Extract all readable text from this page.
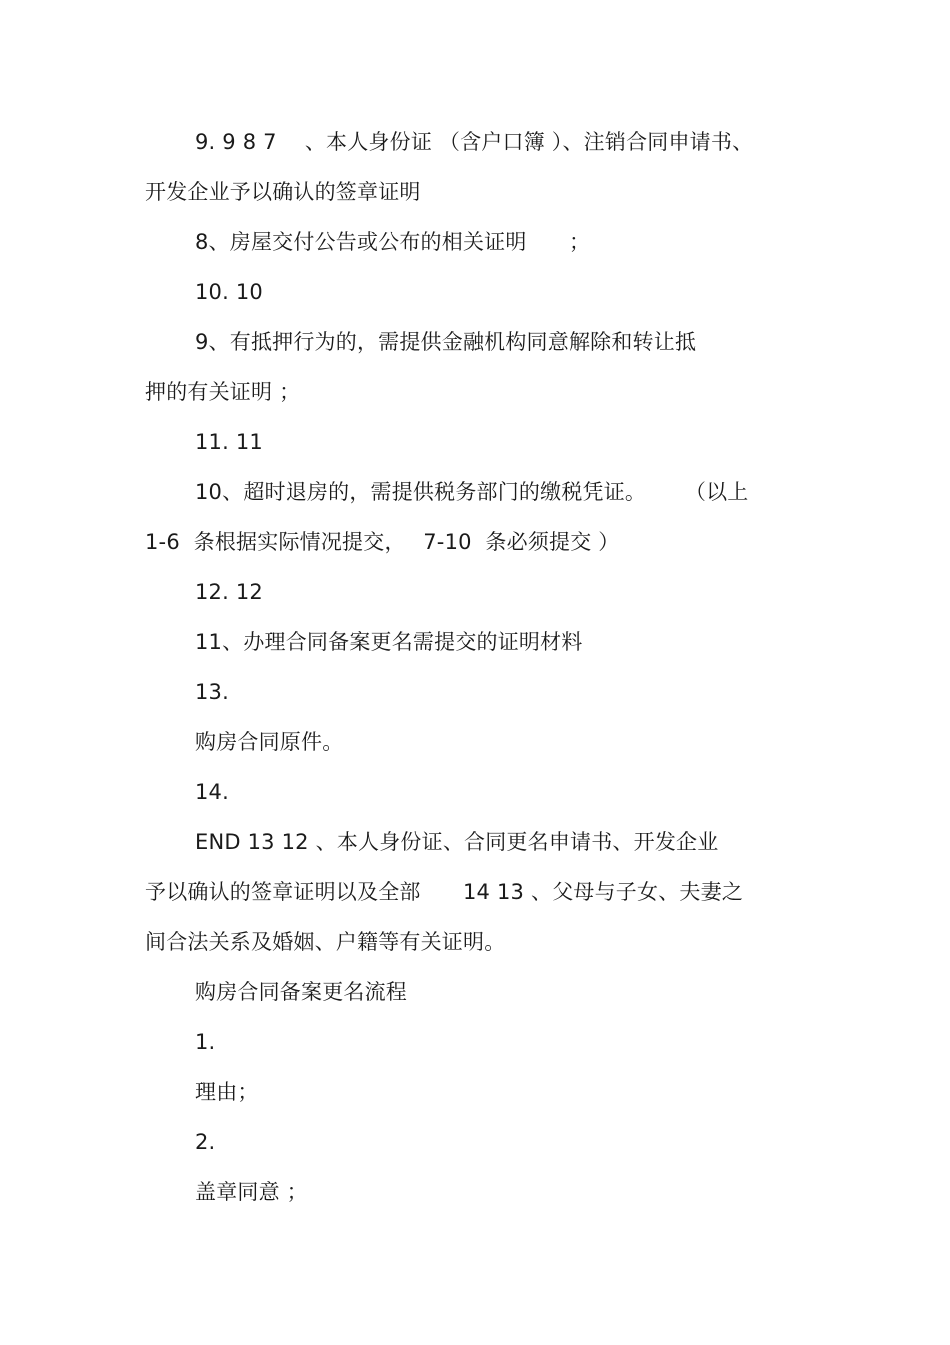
9. 9 8 7　 、本人身份证 （含户口簿 ）、注销合同申请书、
开发企业予以确认的签章证明
8、房屋交付公告或公布的相关证明　　；
10. 10
9、有抵押行为的，需提供金融机构同意解除和转让抵
押的有关证明 ；
11. 11
10、超时退房的，需提供税务部门的缴税凭证。　　 （以上
1-6  条根据实际情况提交，　 7-10  条必须提交 ）
12. 12
11、办理合同备案更名需提交的证明材料
13.
购房合同原件。
14.
END 13 12 、本人身份证、合同更名申请书、开发企业
予以确认的签章证明以及全部　　14 13 、父母与子女、夫妻之
间合法关系及婚姻、户籍等有关证明。
购房合同备案更名流程
1.
理由；
2.
盖章同意 ；
